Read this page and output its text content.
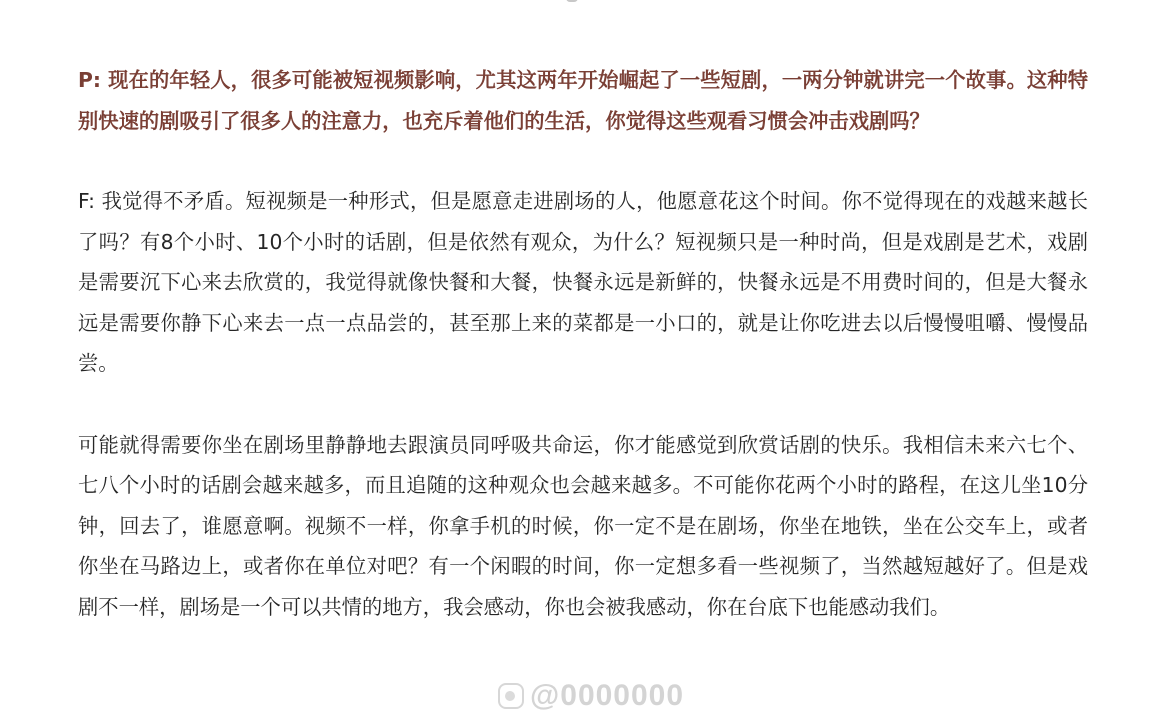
P: 现在的年轻人，很多可能被短视频影响，尤其这两年开始崛起了一些短剧，一两分钟就讲完一个故事。这种特别快速的剧吸引了很多人的注意力，也充斥着他们的生活，你觉得这些观看习惯会冲击戏剧吗？

F: 我觉得不矛盾。短视频是一种形式，但是愿意走进剧场的人，他愿意花这个时间。你不觉得现在的戏越来越长了吗？有8个小时、10个小时的话剧，但是依然有观众，为什么？短视频只是一种时尚，但是戏剧是艺术，戏剧是需要沉下心来去欣赏的，我觉得就像快餐和大餐，快餐永远是新鲜的，快餐永远是不用费时间的，但是大餐永远是需要你静下心来去一点一点品尝的，甚至那上来的菜都是一小口的，就是让你吃进去以后慢慢咀嚼、慢慢品尝。

可能就得需要你坐在剧场里静静地去跟演员同呼吸共命运，你才能感觉到欣赏话剧的快乐。我相信未来六七个、七八个小时的话剧会越来越多，而且追随的这种观众也会越来越多。不可能你花两个小时的路程，在这儿坐10分钟，回去了，谁愿意啊。视频不一样，你拿手机的时候，你一定不是在剧场，你坐在地铁，坐在公交车上，或者你坐在马路边上，或者你在单位对吧？有一个闲暇的时间，你一定想多看一些视频了，当然越短越好了。但是戏剧不一样，剧场是一个可以共情的地方，我会感动，你也会被我感动，你在台底下也能感动我们。

@0000000
